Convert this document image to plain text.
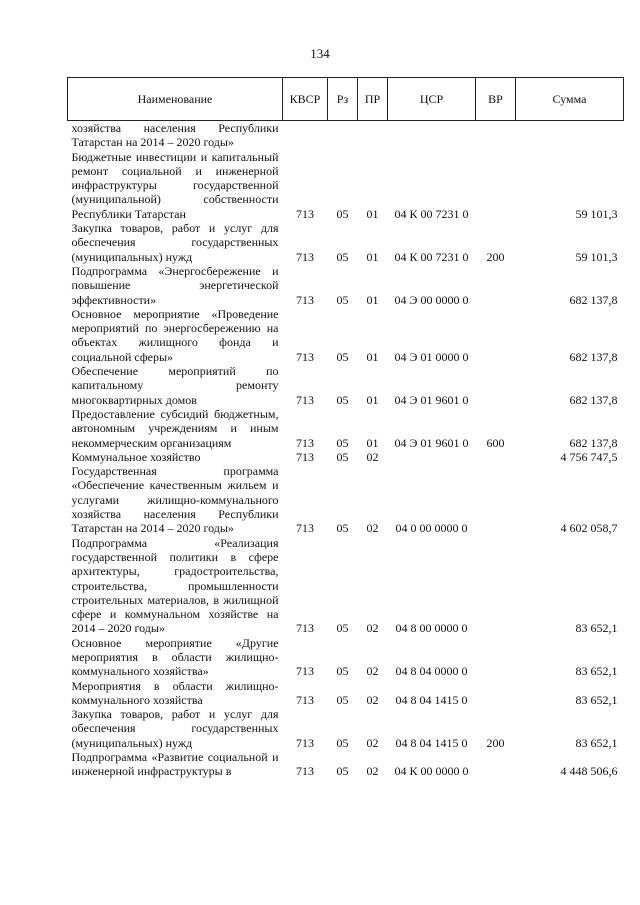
134
Наименование	КВСР	Рз	ПР	ЦСР	ВР	Сумма
хозяйства населения Республики Татарстан на 2014 – 2020 годы»						
Бюджетные инвестиции и капитальный ремонт социальной и инженерной инфраструктуры государственной (муниципальной) собственности Республики Татарстан	713	05	01	04 К 00 7231 0		59 101,3
Закупка товаров, работ и услуг для обеспечения государственных (муниципальных) нужд	713	05	01	04 К 00 7231 0	200	59 101,3
Подпрограмма «Энергосбережение и повышение энергетической эффективности»	713	05	01	04 Э 00 0000 0		682 137,8
Основное мероприятие «Проведение мероприятий по энергосбережению на объектах жилищного фонда и социальной сферы»	713	05	01	04 Э 01 0000 0		682 137,8
Обеспечение мероприятий по капитальному ремонту многоквартирных домов	713	05	01	04 Э 01 9601 0		682 137,8
Предоставление субсидий бюджетным, автономным учреждениям и иным некоммерческим организациям	713	05	01	04 Э 01 9601 0	600	682 137,8
Коммунальное хозяйство	713	05	02			4 756 747,5
Государственная программа «Обеспечение качественным жильем и услугами жилищно-коммунального хозяйства населения Республики Татарстан на 2014 – 2020 годы»	713	05	02	04 0 00 0000 0		4 602 058,7
Подпрограмма «Реализация государственной политики в сфере архитектуры, градостроительства, строительства, промышленности строительных материалов, в жилищной сфере и коммунальном хозяйстве на 2014 – 2020 годы»	713	05	02	04 8 00 0000 0		83 652,1
Основное мероприятие «Другие мероприятия в области жилищно-коммунального хозяйства»	713	05	02	04 8 04 0000 0		83 652,1
Мероприятия в области жилищно-коммунального хозяйства	713	05	02	04 8 04 1415 0		83 652,1
Закупка товаров, работ и услуг для обеспечения государственных (муниципальных) нужд	713	05	02	04 8 04 1415 0	200	83 652,1
Подпрограмма «Развитие социальной и инженерной инфраструктуры в	713	05	02	04 К 00 0000 0		4 448 506,6
